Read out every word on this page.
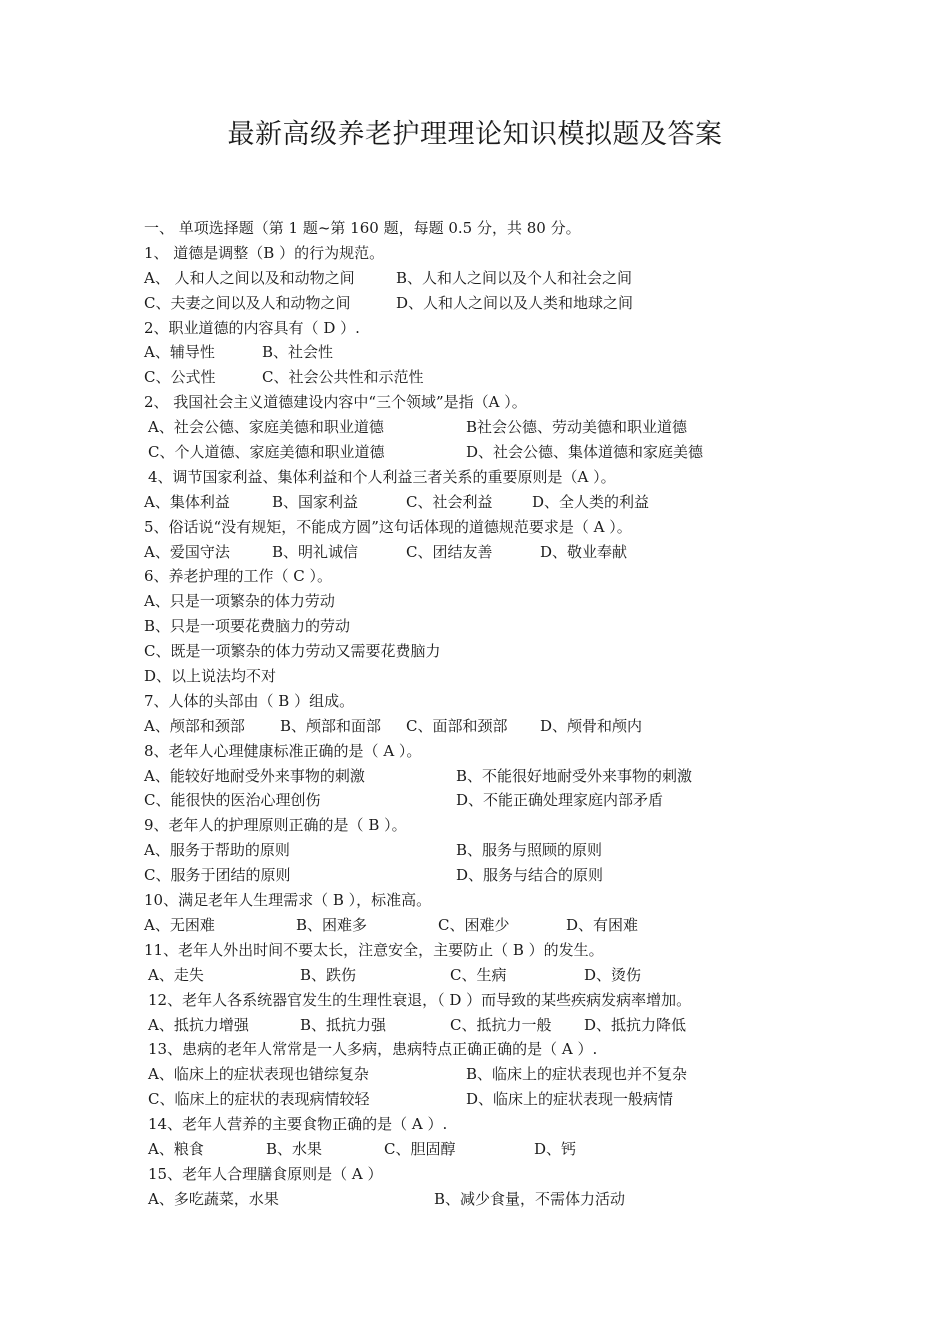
最新高级养老护理理论知识模拟题及答案
一、 单项选择题（第 1 题~第 160 题，每题 0.5 分，共 80 分。
1、 道德是调整（B ）的行为规范。
A、 人和人之间以及和动物之间	B、人和人之间以及个人和社会之间
C、夫妻之间以及人和动物之间	D、人和人之间以及人类和地球之间
2、职业道德的内容具有（ D ）.
A、辅导性	B、社会性
C、公式性	C、社会公共性和示范性
2、 我国社会主义道德建设内容中“三个领域”是指（A ）。
A、社会公德、家庭美德和职业道德	B社会公德、劳动美德和职业道德
C、个人道德、家庭美德和职业道德	D、社会公德、集体道德和家庭美德
4、调节国家利益、集体利益和个人利益三者关系的重要原则是（A ）。
A、集体利益	B、国家利益	C、社会利益	D、全人类的利益
5、俗话说“没有规矩，不能成方圆”这句话体现的道德规范要求是（ A ）。
A、爱国守法	B、明礼诚信	C、团结友善	D、敬业奉献
6、养老护理的工作（ C ）。
A、只是一项繁杂的体力劳动
B、只是一项要花费脑力的劳动
C、既是一项繁杂的体力劳动又需要花费脑力
D、以上说法均不对
7、人体的头部由（ B ）组成。
A、颅部和颈部 B、颅部和面部 C、面部和颈部 D、颅骨和颅内
8、老年人心理健康标准正确的是（ A ）。
A、能较好地耐受外来事物的刺激	B、不能很好地耐受外来事物的刺激
C、能很快的医治心理创伤	D、不能正确处理家庭内部矛盾
9、老年人的护理原则正确的是（ B ）。
A、服务于帮助的原则	B、服务与照顾的原则
C、服务于团结的原则	D、服务与结合的原则
10、满足老年人生理需求（ B ），标准高。
A、无困难	B、困难多	C、困难少	D、有困难
11、老年人外出时间不要太长，注意安全，主要防止（ B ）的发生。
A、走失	B、跌伤	C、生病	D、烫伤
12、老年人各系统器官发生的生理性衰退，（ D ）而导致的某些疾病发病率增加。
A、抵抗力增强	B、抵抗力强	C、抵抗力一般 D、抵抗力降低
13、患病的老年人常常是一人多病，患病特点正确正确的是（ A ）.
A、临床上的症状表现也错综复杂	B、临床上的症状表现也并不复杂
C、临床上的症状的表现病情较轻	D、临床上的症状表现一般病情
14、老年人营养的主要食物正确的是（ A ）.
A、粮食	B、水果	C、胆固醇	D、钙
15、老年人合理膳食原则是（ A ）
A、多吃蔬菜，水果	B、减少食量，不需体力活动
